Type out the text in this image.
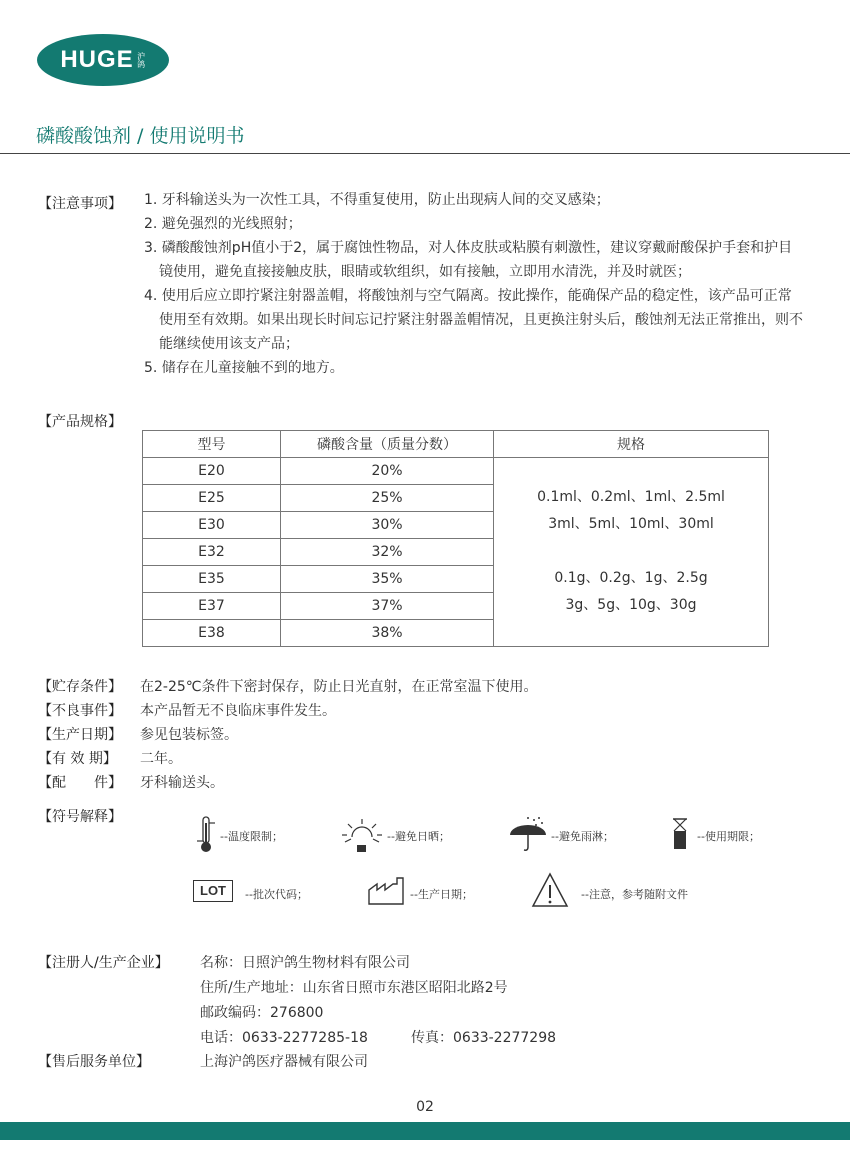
HUGE 沪鸽
磷酸酸蚀剂 / 使用说明书
【注意事项】 1. 牙科输送头为一次性工具，不得重复使用，防止出现病人间的交叉感染；
2. 避免强烈的光线照射；
3. 磷酸酸蚀剂pH值小于2，属于腐蚀性物品，对人体皮肤或粘膜有刺激性，建议穿戴耐酸保护手套和护目镜使用，避免直接接触皮肤，眼睛或软组织，如有接触，立即用水清洗，并及时就医；
4. 使用后应立即拧紧注射器盖帽，将酸蚀剂与空气隔离。按此操作，能确保产品的稳定性，该产品可正常使用至有效期。如果出现长时间忘记拧紧注射器盖帽情况，且更换注射头后，酸蚀剂无法正常推出，则不能继续使用该支产品；
5. 储存在儿童接触不到的地方。
【产品规格】
型号	磷酸含量（质量分数）	规格
E20	20%	0.1ml、0.2ml、1ml、2.5ml
3ml、5ml、10ml、30ml
0.1g、0.2g、1g、2.5g
3g、5g、10g、30g

E25	25%	
E30	30%	
E32	32%	
E35	35%	
E37	37%	
E38	38%	
【贮存条件】 在2-25℃条件下密封保存，防止日光直射，在正常室温下使用。
【不良事件】 本产品暂无不良临床事件发生。
【生产日期】 参见包装标签。
【有 效 期】 二年。
【配　　件】 牙科输送头。
【符号解释】
--温度限制；	--避免日晒；	--避免雨淋；	--使用期限；
LOT	--批次代码；	--生产日期；	--注意，参考随附文件
【注册人/生产企业】 名称：日照沪鸽生物材料有限公司
住所/生产地址：山东省日照市东港区昭阳北路2号
邮政编码：276800
电话：0633-2277285-18	传真：0633-2277298
【售后服务单位】	上海沪鸽医疗器械有限公司
02
